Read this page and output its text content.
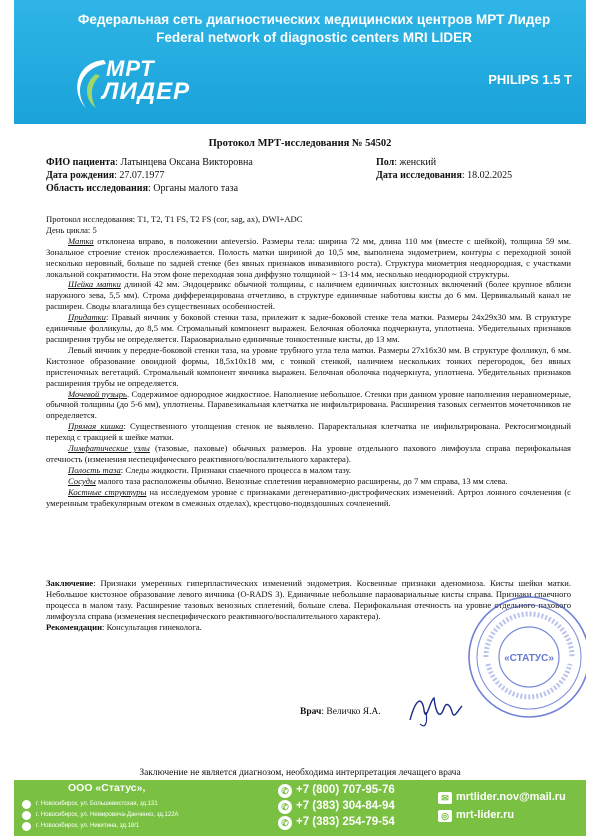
Федеральная сеть диагностических медицинских центров МРТ Лидер
Federal network of diagnostic centers MRI LIDER
МРТ
ЛИДЕР	PHILIPS 1.5 T
Протокол МРТ-исследования № 54502
ФИО пациента: Латынцева Оксана Викторовна	Пол: женский
Дата рождения: 27.07.1977	Дата исследования: 18.02.2025
Область исследования: Органы малого таза

Протокол исследования: T1, T2, T1 FS, T2 FS (cor, sag, ax), DWI+ADC

День цикла: 5

Матка отклонена вправо, в положении anteversio. Размеры тела: ширина 72 мм, длина 110 мм (вместе с шейкой), толщина 59 мм. Зональное строение стенок прослеживается. Полость матки шириной до 10,5 мм, выполнена эндометрием, контуры с переходной зоной несколько неровный, больше по задней стенке (без явных признаков инвазивного роста). Структура миометрия неоднородная, с участками локальной сократимости. На этом фоне переходная зона диффузно толщиной ~ 13-14 мм, несколько неоднородной структуры.

Шейка матки длиной 42 мм. Эндоцервикс обычной толщины, с наличием единичных кистозных включений (более крупное вблизи наружного зева, 5,5 мм). Строма дифференцирована отчетливо, в структуре единичные наботовы кисты до 6 мм. Цервикальный канал не расширен. Своды влагалища без существенных особенностей.

Придатки: Правый яичник у боковой стенки таза, прилежит к задне-боковой стенке тела матки. Размеры 24x29x30 мм. В структуре единичные фолликулы, до 8,5 мм. Стромальный компонент выражен. Белочная оболочка подчеркнута, уплотнена. Убедительных признаков расширения трубы не определяется. Параовариально единичные тонкостенные кисты, до 13 мм.

Левый яичник у передне-боковой стенки таза, на уровне трубного угла тела матки. Размеры 27x16x30 мм. В структуре фолликул, 6 мм. Кистозное образование овоидной формы, 18,5x10x18 мм, с тонкой стенкой, наличием нескольких тонких перегородок, без явных пристеночных вегетаций. Стромальный компонент яичника выражен. Белочная оболочка подчеркнута, уплотнена. Убедительных признаков расширения трубы не определяется.

Мочевой пузырь. Содержимое однородное жидкостное. Наполнение небольшое. Стенки при данном уровне наполнения неравномерные, обычной толщины (до 5-6 мм), уплотнены. Паравезикальная клетчатка не инфильтрирована. Расширения тазовых сегментов мочеточников не определяется.

Прямая кишка: Существенного утолщения стенок не выявлено. Параректальная клетчатка не инфильтрирована. Ректосигмоидный переход с тракцией к шейке матки.

Лимфатические узлы (тазовые, паховые) обычных размеров. На уровне отдельного пахового лимфоузла справа перифокальная отечность (изменения неспецифического реактивного/воспалительного характера).

Полость таза: Следы жидкости. Признаки спаечного процесса в малом тазу.

Сосуды малого таза расположены обычно. Венозные сплетения неравномерно расширены, до 7 мм справа, 13 мм слева.

Костные структуры на исследуемом уровне с признаками дегенеративно-дистрофических изменений. Артроз лонного сочленения (с умеренным трабекулярным отеком в смежных отделах), крестцово-подвздошных сочленений.

Заключение: Признаки умеренных гиперпластических изменений эндометрия. Косвенные признаки аденомиоза. Кисты шейки матки. Небольшое кистозное образование левого яичника (O-RADS 3). Единичные небольшие параовариальные кисты справа. Признаки спаечного процесса в малом тазу. Расширение тазовых венозных сплетений, больше слева. Перифокальная отечность на уровне отдельного пахового лимфоузла справа (изменения неспецифического реактивного/воспалительного характера).

Рекомендации: Консультация гинеколога.

Врач: Величко Я.А.
«СТАТУС»
Заключение не является диагнозом, необходима интерпретация лечащего врача
ООО «Статус»,
г. Новосибирск, ул. Большевистская, зд.131
г. Новосибирск, ул. Немировича-Данченко, зд.122А
г. Новосибирск, ул. Никитина, зд.18/1
✆ +7 (800) 707-95-76
✆ +7 (383) 304-84-94
✆ +7 (383) 254-79-54
✉ mrtlider.nov@mail.ru
◎ mrt-lider.ru
